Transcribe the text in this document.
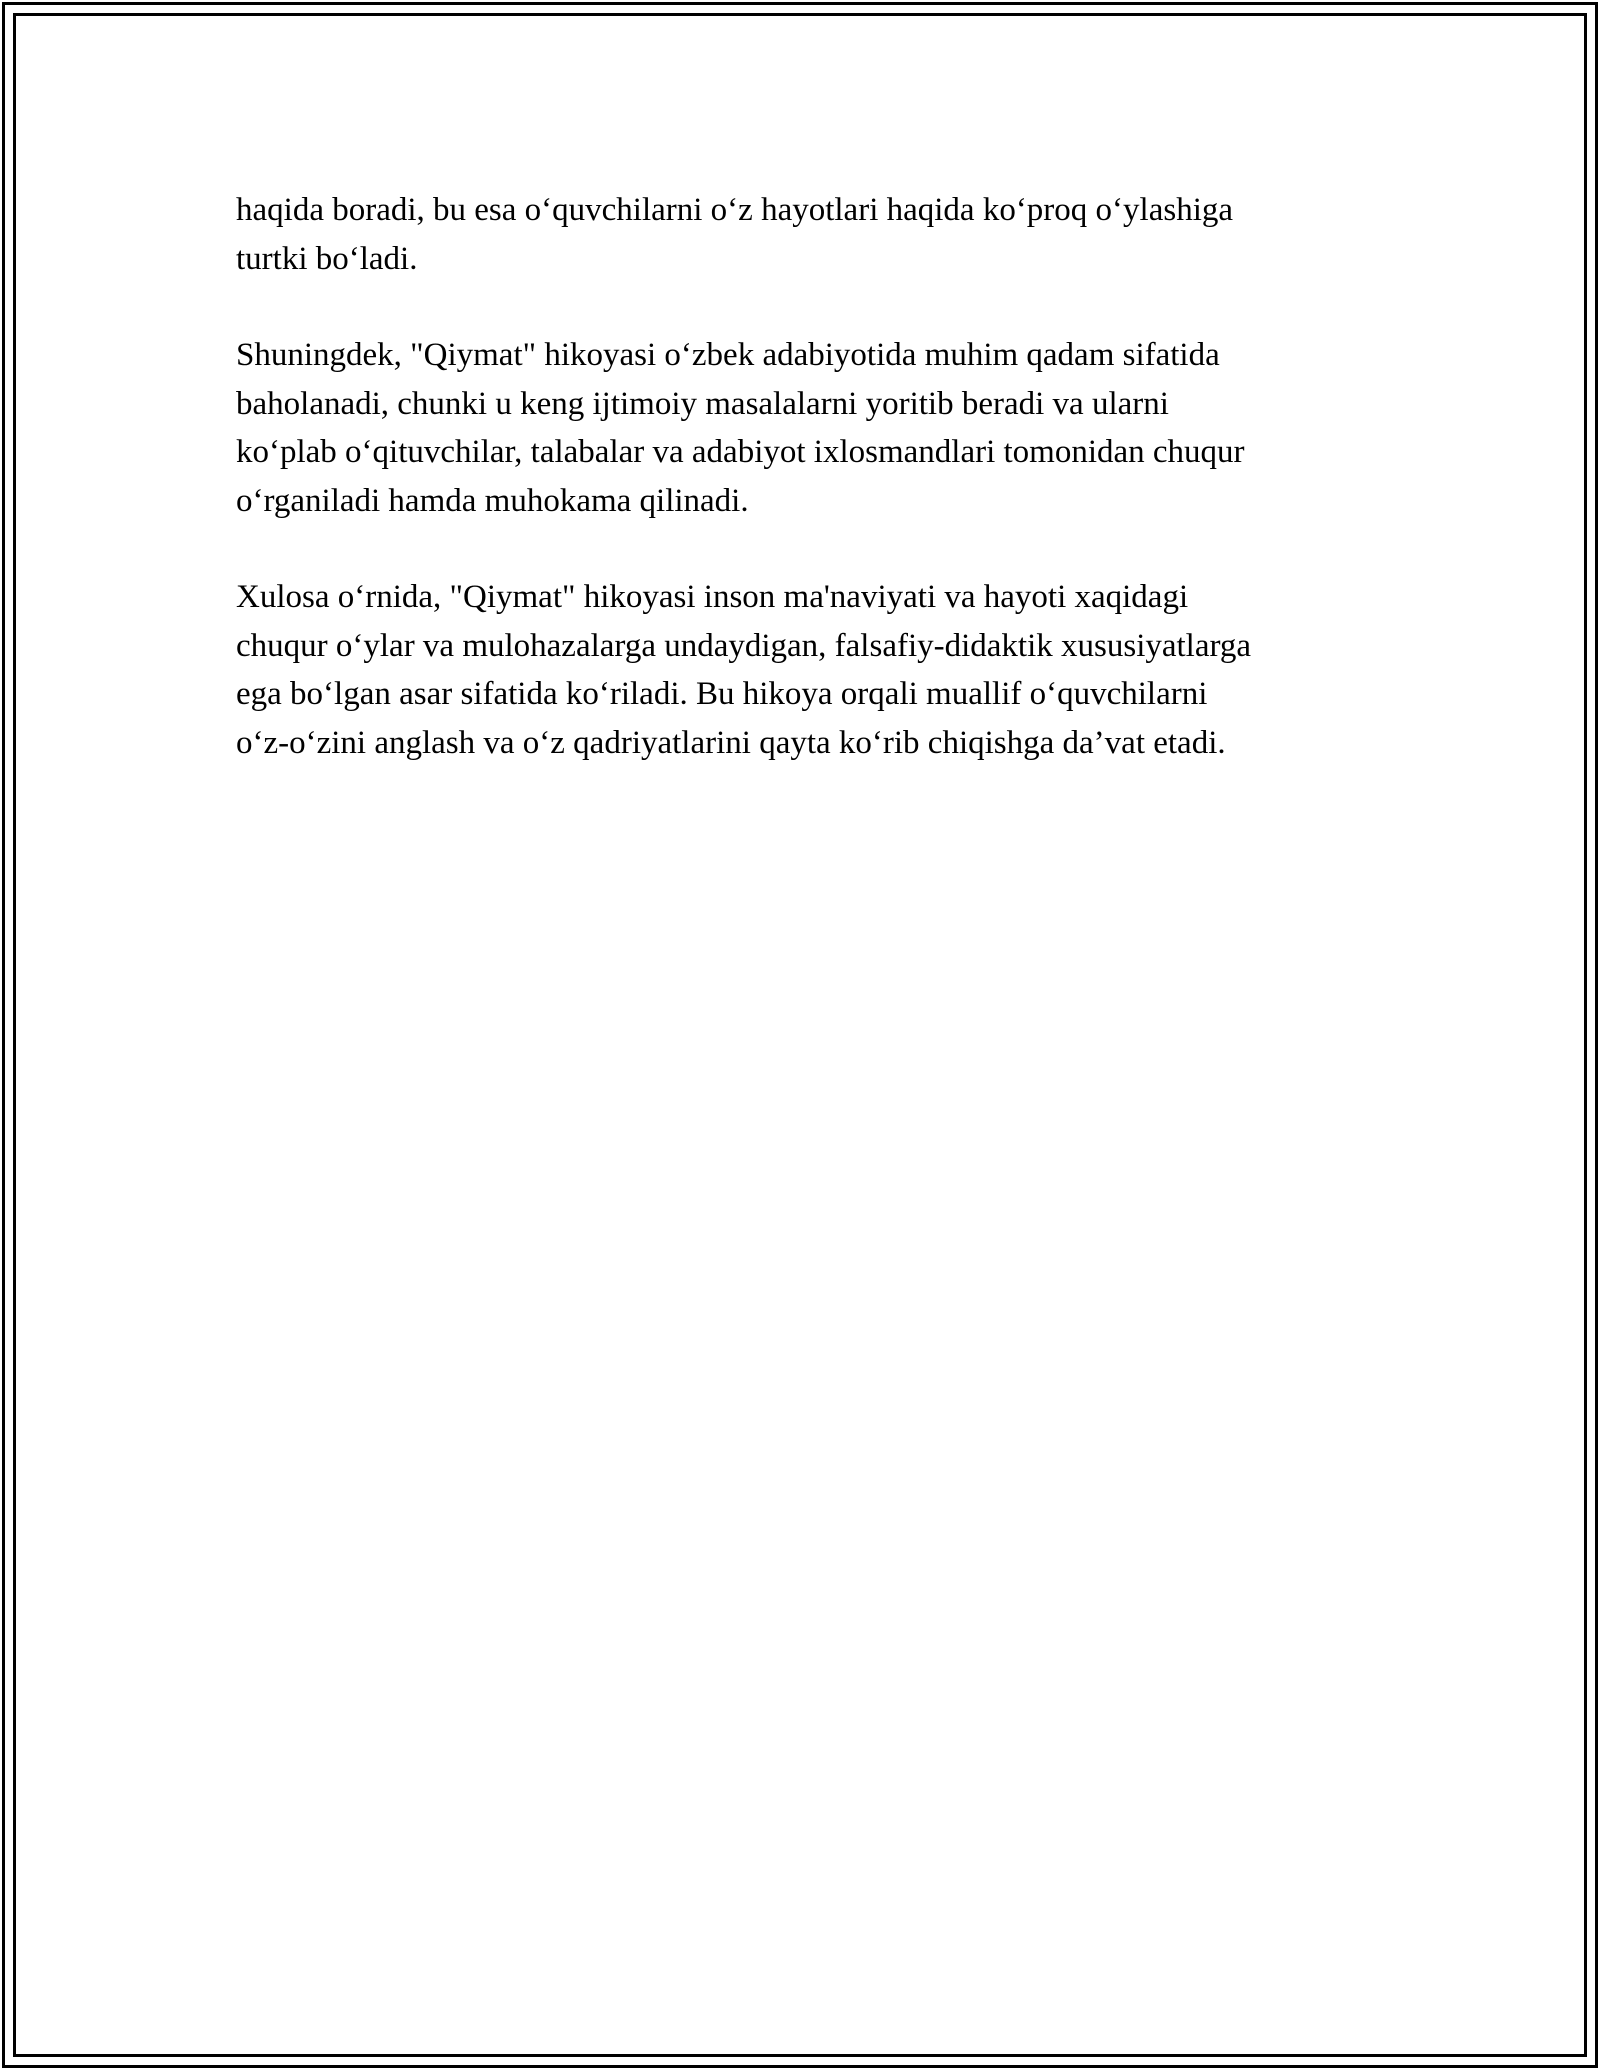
haqida boradi, bu esa o‘quvchilarni o‘z hayotlari haqida ko‘proq o‘ylashiga
turtki bo‘ladi.

Shuningdek, "Qiymat" hikoyasi o‘zbek adabiyotida muhim qadam sifatida
baholanadi, chunki u keng ijtimoiy masalalarni yoritib beradi va ularni
ko‘plab o‘qituvchilar, talabalar va adabiyot ixlosmandlari tomonidan chuqur
o‘rganiladi hamda muhokama qilinadi.

Xulosa o‘rnida, "Qiymat" hikoyasi inson ma'naviyati va hayoti xaqidagi
chuqur o‘ylar va mulohazalarga undaydigan, falsafiy-didaktik xususiyatlarga
ega bo‘lgan asar sifatida ko‘riladi. Bu hikoya orqali muallif o‘quvchilarni
o‘z-o‘zini anglash va o‘z qadriyatlarini qayta ko‘rib chiqishga da’vat etadi.
